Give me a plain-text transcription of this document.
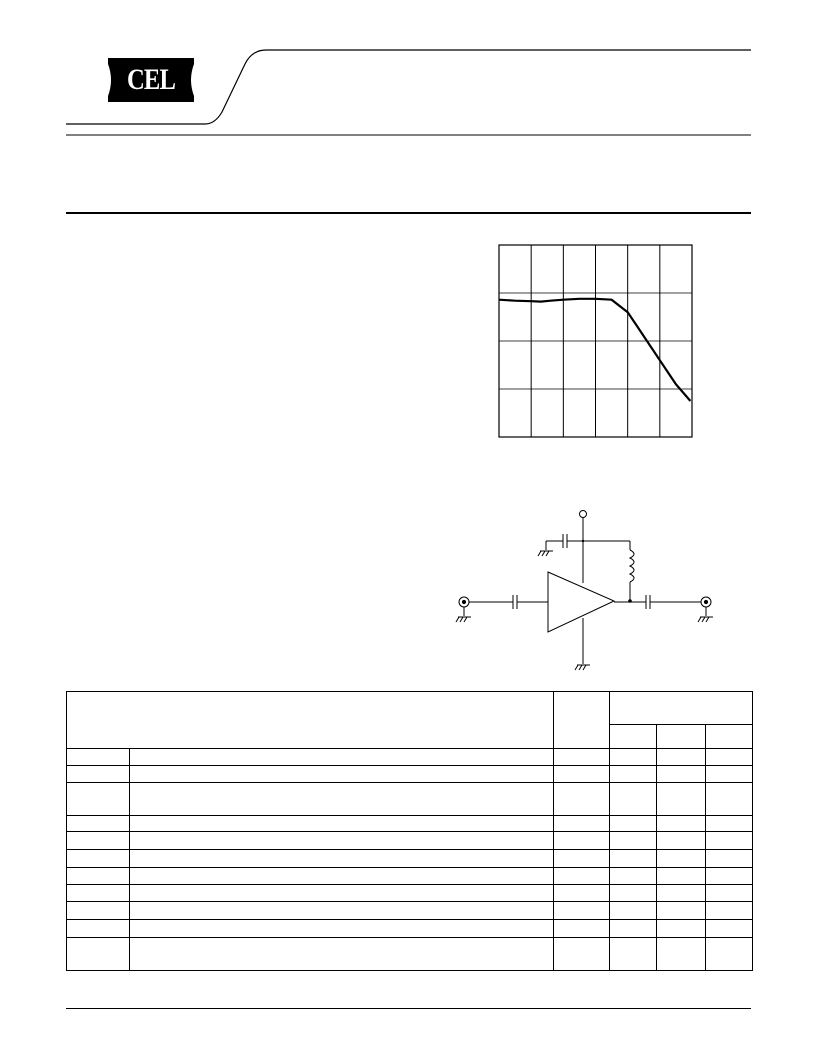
CEL
